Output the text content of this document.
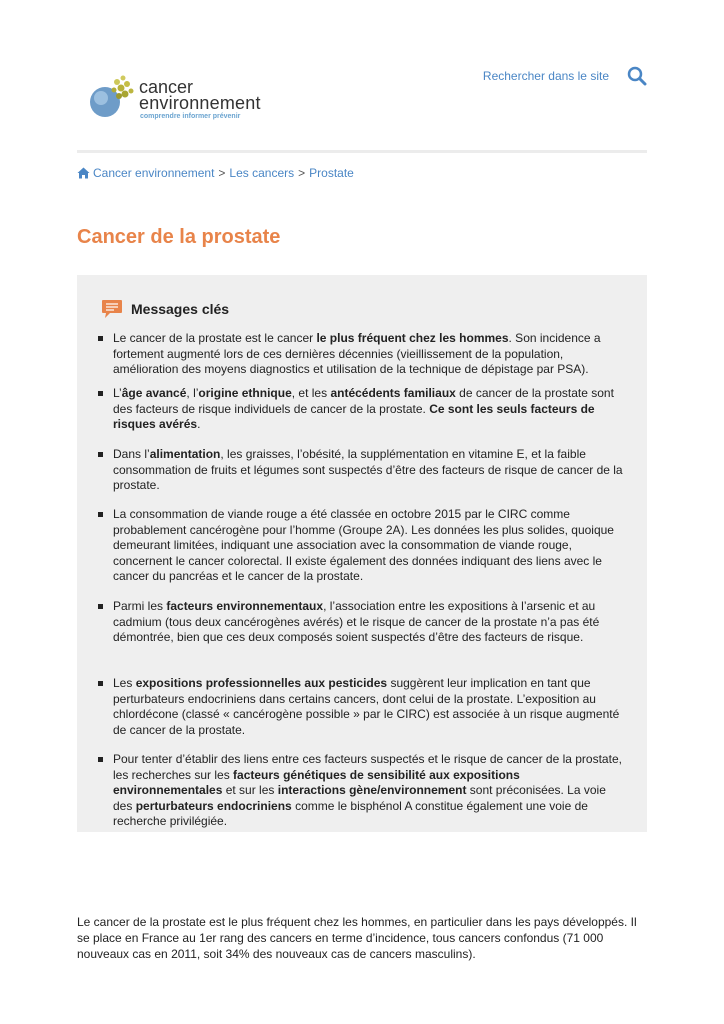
cancer
environnement
comprendre informer prévenir
Rechercher dans le site
Cancer environnement > Les cancers > Prostate
Cancer de la prostate
Messages clés
Le cancer de la prostate est le cancer le plus fréquent chez les hommes. Son incidence a fortement augmenté lors de ces dernières décennies (vieillissement de la population, amélioration des moyens diagnostics et utilisation de la technique de dépistage par PSA).
L’âge avancé, l’origine ethnique, et les antécédents familiaux de cancer de la prostate sont des facteurs de risque individuels de cancer de la prostate. Ce sont les seuls facteurs de risques avérés.
Dans l’alimentation, les graisses, l’obésité, la supplémentation en vitamine E, et la faible consommation de fruits et légumes sont suspectés d’être des facteurs de risque de cancer de la prostate.
La consommation de viande rouge a été classée en octobre 2015 par le CIRC comme probablement cancérogène pour l’homme (Groupe 2A). Les données les plus solides, quoique demeurant limitées, indiquant une association avec la consommation de viande rouge, concernent le cancer colorectal. Il existe également des données indiquant des liens avec le cancer du pancréas et le cancer de la prostate.
Parmi les facteurs environnementaux, l’association entre les expositions à l’arsenic et au cadmium (tous deux cancérogènes avérés) et le risque de cancer de la prostate n’a pas été démontrée, bien que ces deux composés soient suspectés d’être des facteurs de risque.
Les expositions professionnelles aux pesticides suggèrent leur implication en tant que perturbateurs endocriniens dans certains cancers, dont celui de la prostate. L’exposition au chlordécone (classé « cancérogène possible » par le CIRC) est associée à un risque augmenté de cancer de la prostate.
Pour tenter d’établir des liens entre ces facteurs suspectés et le risque de cancer de la prostate, les recherches sur les facteurs génétiques de sensibilité aux expositions environnementales et sur les interactions gène/environnement sont préconisées. La voie des perturbateurs endocriniens comme le bisphénol A constitue également une voie de recherche privilégiée.

Le cancer de la prostate est le plus fréquent chez les hommes, en particulier dans les pays développés. Il se place en France au 1er rang des cancers en terme d’incidence, tous cancers confondus (71 000 nouveaux cas en 2011, soit 34% des nouveaux cas de cancers masculins).
